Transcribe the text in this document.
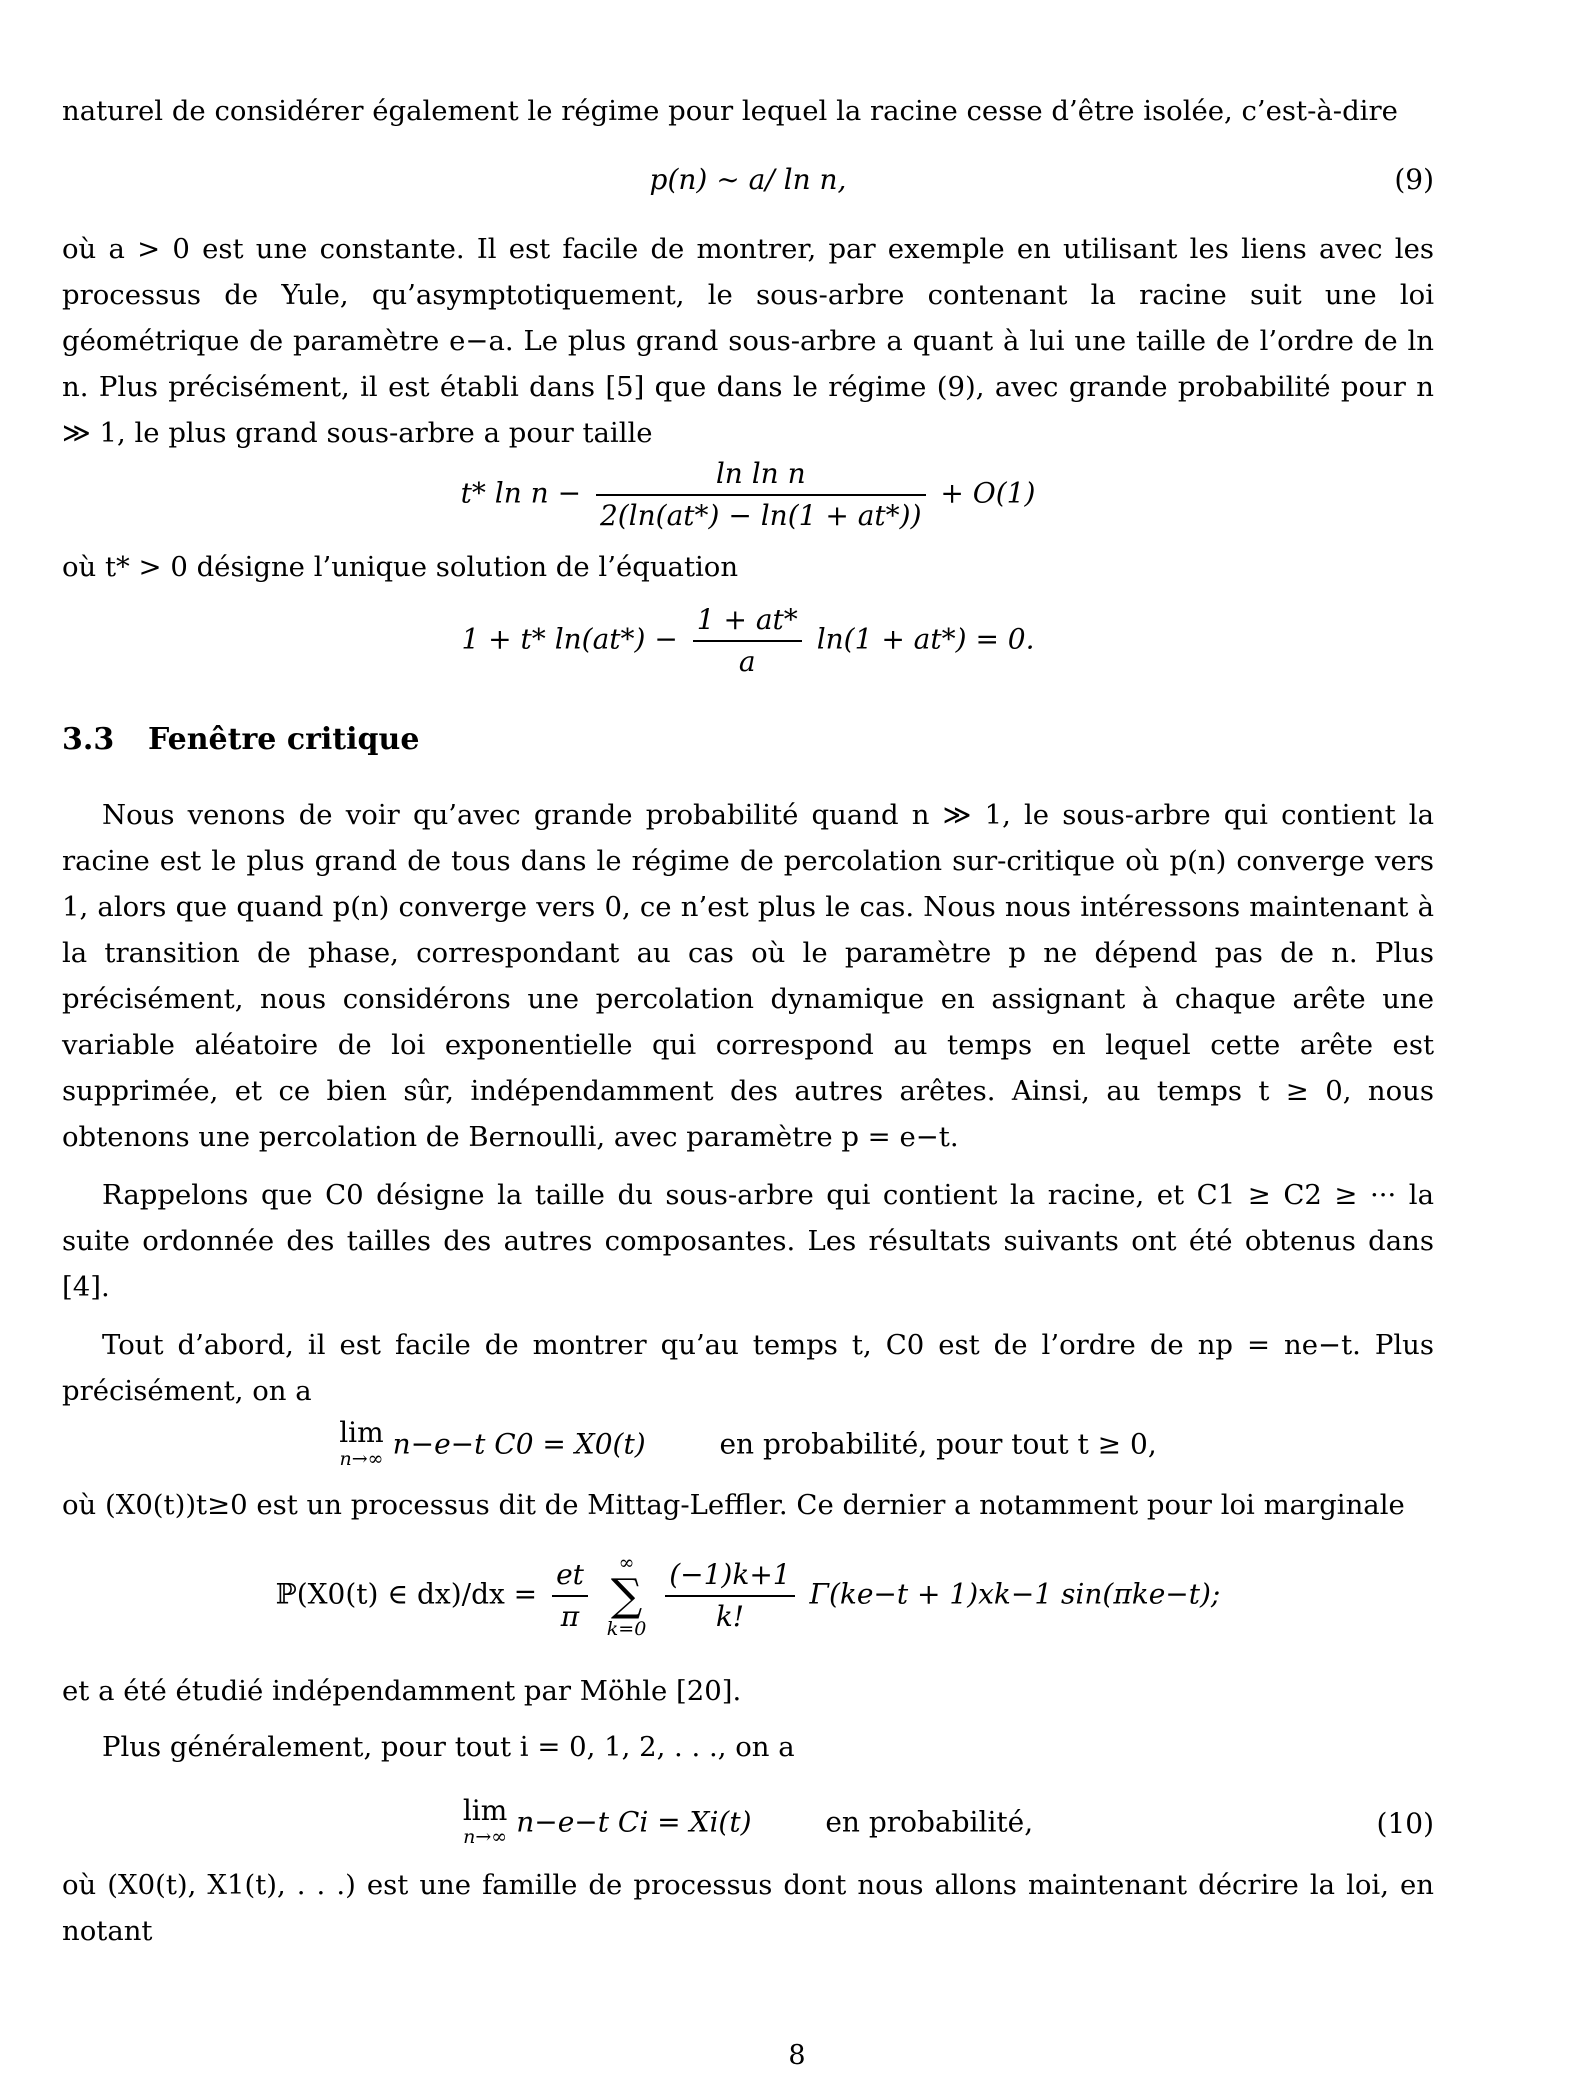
naturel de considérer également le régime pour lequel la racine cesse d’être isolée, c’est-à-dire

p(n) ∼ a/ ln n,	(9)

où a > 0 est une constante. Il est facile de montrer, par exemple en utilisant les liens avec les processus de Yule, qu’asymptotiquement, le sous-arbre contenant la racine suit une loi géométrique de paramètre e−a. Le plus grand sous-arbre a quant à lui une taille de l’ordre de ln n. Plus précisément, il est établi dans [5] que dans le régime (9), avec grande probabilité pour n ≫ 1, le plus grand sous-arbre a pour taille

t* $\ln n - \frac{\text{ln ln n}}{2(\ln(at*) - \ln(1 + at*))} + O(1)$

où t* > 0 désigne l’unique solution de l’équation

1 + t* $\ln(at*) - \frac{1 + at*}{a} \ln(1 + at*) = 0$.
3.3 Fenêtre critique

Nous venons de voir qu’avec grande probabilité quand n ≫ 1, le sous-arbre qui contient la racine est le plus grand de tous dans le régime de percolation sur-critique où p(n) converge vers 1, alors que quand p(n) converge vers 0, ce n’est plus le cas. Nous nous intéressons maintenant à la transition de phase, correspondant au cas où le paramètre p ne dépend pas de n. Plus précisément, nous considérons une percolation dynamique en assignant à chaque arête une variable aléatoire de loi exponentielle qui correspond au temps en lequel cette arête est supprimée, et ce bien sûr, indépendamment des autres arêtes. Ainsi, au temps t ≥ 0, nous obtenons une percolation de Bernoulli, avec paramètre p = e−t.

Rappelons que C0 désigne la taille du sous-arbre qui contient la racine, et C1 ≥ C2 ≥ ··· la suite ordonnée des tailles des autres composantes. Les résultats suivants ont été obtenus dans [4].

Tout d’abord, il est facile de montrer qu’au temps t, C0 est de l’ordre de np = ne−t. Plus précisément, on a

lim
n→∞ n−e−t C0 = X0(t)	en probabilité, pour tout t ≥ 0,

où (X0(t))t≥0 est un processus dit de Mittag-Leffler. Ce dernier a notamment pour loi marginale

ℙ(X0(t) ∈ $dx)/dx = \frac{et}{\pi}$
	∞
∑
k=0
$\frac{(-1)k+1}{k!} \Gamma(ke-t + 1)xk-1$ sin(πke−t);

et a été étudié indépendamment par Möhle [20].

Plus généralement, pour tout i = 0, 1, 2, . . ., on a

lim
n→∞ n−e−t Ci = Xi(t)	en probabilité,	(10)

où (X0(t), X1(t), . . .) est une famille de processus dont nous allons maintenant décrire la loi, en notant

8
